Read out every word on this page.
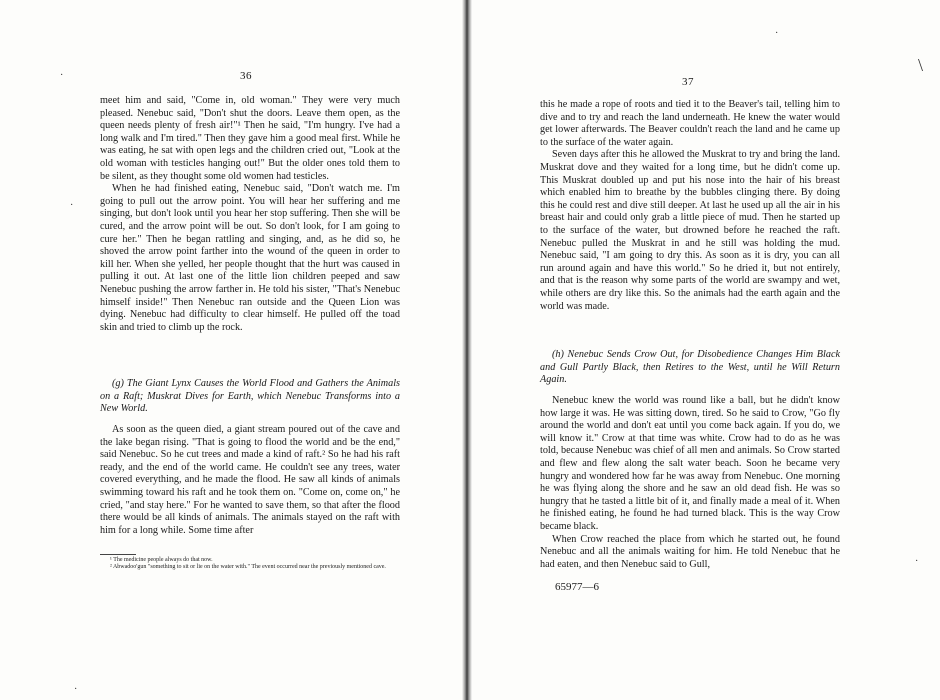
36

meet him and said, "Come in, old woman." They were very much pleased. Nenebuc said, "Don't shut the doors. Leave them open, as the queen needs plenty of fresh air!"¹ Then he said, "I'm hungry. I've had a long walk and I'm tired." Then they gave him a good meal first. While he was eating, he sat with open legs and the children cried out, "Look at the old woman with testicles hanging out!" But the older ones told them to be silent, as they thought some old women had testicles.

When he had finished eating, Nenebuc said, "Don't watch me. I'm going to pull out the arrow point. You will hear her suffering and me singing, but don't look until you hear her stop suffering. Then she will be cured, and the arrow point will be out. So don't look, for I am going to cure her." Then he began rattling and singing, and, as he did so, he shoved the arrow point farther into the wound of the queen in order to kill her. When she yelled, her people thought that the hurt was caused in pulling it out. At last one of the little lion children peeped and saw Nenebuc pushing the arrow farther in. He told his sister, "That's Nenebuc himself inside!" Then Nenebuc ran outside and the Queen Lion was dying. Nenebuc had difficulty to clear himself. He pulled off the toad skin and tried to climb up the rock.

(g) The Giant Lynx Causes the World Flood and Gathers the Animals on a Raft; Muskrat Dives for Earth, which Nenebuc Transforms into a New World.

As soon as the queen died, a giant stream poured out of the cave and the lake began rising. "That is going to flood the world and be the end," said Nenebuc. So he cut trees and made a kind of raft.² So he had his raft ready, and the end of the world came. He couldn't see any trees, water covered everything, and he made the flood. He saw all kinds of animals swimming toward his raft and he took them on. "Come on, come on," he cried, "and stay here." For he wanted to save them, so that after the flood there would be all kinds of animals. The animals stayed on the raft with him for a long while. Some time after

¹ The medicine people always do that now.

² Abwadoo'gun "something to sit or lie on the water with." The event occurred near the previously mentioned cave.

·
·
·
37

this he made a rope of roots and tied it to the Beaver's tail, telling him to dive and to try and reach the land underneath. He knew the water would get lower afterwards. The Beaver couldn't reach the land and he came up to the surface of the water again.

Seven days after this he allowed the Muskrat to try and bring the land. Muskrat dove and they waited for a long time, but he didn't come up. This Muskrat doubled up and put his nose into the hair of his breast which enabled him to breathe by the bubbles clinging there. By doing this he could rest and dive still deeper. At last he used up all the air in his breast hair and could only grab a little piece of mud. Then he started up to the surface of the water, but drowned before he reached the raft. Nenebuc pulled the Muskrat in and he still was holding the mud. Nenebuc said, "I am going to dry this. As soon as it is dry, you can all run around again and have this world." So he dried it, but not entirely, and that is the reason why some parts of the world are swampy and wet, while others are dry like this. So the animals had the earth again and the world was made.

(h) Nenebuc Sends Crow Out, for Disobedience Changes Him Black and Gull Partly Black, then Retires to the West, until he Will Return Again.

Nenebuc knew the world was round like a ball, but he didn't know how large it was. He was sitting down, tired. So he said to Crow, "Go fly around the world and don't eat until you come back again. If you do, we will know it." Crow at that time was white. Crow had to do as he was told, because Nenebuc was chief of all men and animals. So Crow started and flew and flew along the salt water beach. Soon he became very hungry and wondered how far he was away from Nenebuc. One morning he was flying along the shore and he saw an old dead fish. He was so hungry that he tasted a little bit of it, and finally made a meal of it. When he finished eating, he found he had turned black. This is the way Crow became black.

When Crow reached the place from which he started out, he found Nenebuc and all the animals waiting for him. He told Nenebuc that he had eaten, and then Nenebuc said to Gull,

65977—6
\
·
·
